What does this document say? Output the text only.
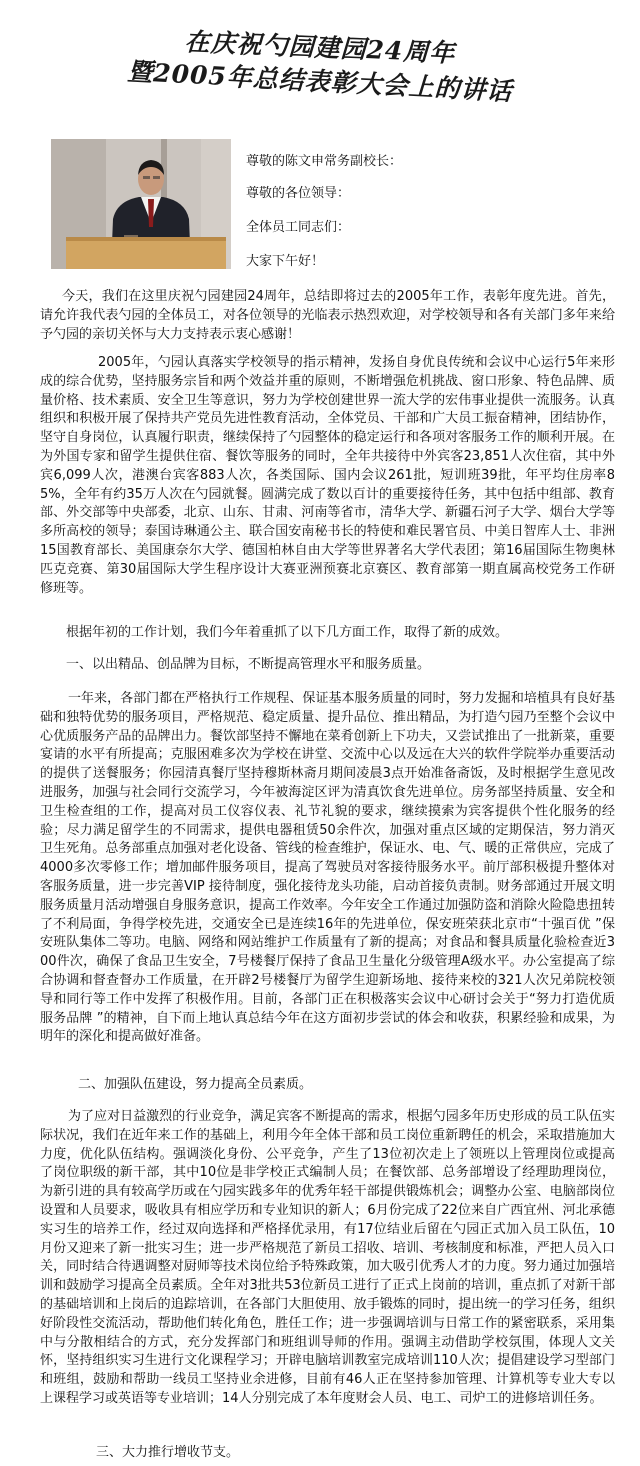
在庆祝勺园建园24周年
暨2005年总结表彰大会上的讲话
尊敬的陈文申常务副校长：
尊敬的各位领导：
全体员工同志们：
大家下午好！

今天，我们在这里庆祝勺园建园24周年，总结即将过去的2005年工作，表彰年度先进。首先，请允许我代表勺园的全体员工，对各位领导的光临表示热烈欢迎，对学校领导和各有关部门多年来给予勺园的亲切关怀与大力支持表示衷心感谢！

2005年，勺园认真落实学校领导的指示精神，发扬自身优良传统和会议中心运行5年来形成的综合优势，坚持服务宗旨和两个效益并重的原则，不断增强危机挑战、窗口形象、特色品牌、质量价格、技术素质、安全卫生等意识，努力为学校创建世界一流大学的宏伟事业提供一流服务。认真组织和积极开展了保持共产党员先进性教育活动，全体党员、干部和广大员工振奋精神，团结协作，坚守自身岗位，认真履行职责，继续保持了勺园整体的稳定运行和各项对客服务工作的顺利开展。在为外国专家和留学生提供住宿、餐饮等服务的同时，全年共接待中外宾客23,851人次住宿，其中外宾6,099人次，港澳台宾客883人次，各类国际、国内会议261批，短训班39批，年平均住房率85%，全年有约35万人次在勺园就餐。圆满完成了数以百计的重要接待任务，其中包括中组部、教育部、外交部等中央部委，北京、山东、甘肃、河南等省市，清华大学、新疆石河子大学、烟台大学等多所高校的领导；泰国诗琳通公主、联合国安南秘书长的特使和难民署官员、中美日智库人士、非洲15国教育部长、美国康奈尔大学、德国柏林自由大学等世界著名大学代表团；第16届国际生物奥林匹克竞赛、第30届国际大学生程序设计大赛亚洲预赛北京赛区、教育部第一期直属高校党务工作研修班等。

根据年初的工作计划，我们今年着重抓了以下几方面工作，取得了新的成效。

一、以出精品、创品牌为目标，不断提高管理水平和服务质量。

一年来，各部门都在严格执行工作规程、保证基本服务质量的同时，努力发掘和培植具有良好基础和独特优势的服务项目，严格规范、稳定质量、提升品位、推出精品，为打造勺园乃至整个会议中心优质服务产品的品牌出力。餐饮部坚持不懈地在菜肴创新上下功夫，又尝试推出了一批新菜，重要宴请的水平有所提高；克服困难多次为学校在讲堂、交流中心以及远在大兴的软件学院举办重要活动的提供了送餐服务；你园清真餐厅坚持穆斯林斋月期间凌晨3点开始准备斋饭，及时根据学生意见改进服务，加强与社会同行交流学习，今年被海淀区评为清真饮食先进单位。房务部坚持质量、安全和卫生检查组的工作，提高对员工仪容仪表、礼节礼貌的要求，继续摸索为宾客提供个性化服务的经验；尽力满足留学生的不同需求，提供电器租赁50余件次，加强对重点区域的定期保洁，努力消灭卫生死角。总务部重点加强对老化设备、管线的检查维护，保证水、电、气、暖的正常供应，完成了4000多次零修工作；增加邮件服务项目，提高了驾驶员对客接待服务水平。前厅部积极提升整体对客服务质量，进一步完善VIP 接待制度，强化接待龙头功能，启动首接负责制。财务部通过开展文明服务质量月活动增强自身服务意识，提高工作效率。今年安全工作通过加强防盗和消除火险隐患扭转了不利局面，争得学校先进，交通安全已是连续16年的先进单位，保安班荣获北京市“十强百优 ”保安班队集体二等功。电脑、网络和网站维护工作质量有了新的提高；对食品和餐具质量化验检查近300件次，确保了食品卫生安全，7号楼餐厅保持了食品卫生量化分级管理A级水平。办公室提高了综合协调和督查督办工作质量，在开辟2号楼餐厅为留学生迎新场地、接待来校的321人次兄弟院校领导和同行等工作中发挥了积极作用。目前，各部门正在积极落实会议中心研讨会关于“努力打造优质服务品牌 ”的精神，自下而上地认真总结今年在这方面初步尝试的体会和收获，积累经验和成果，为明年的深化和提高做好准备。

二、加强队伍建设，努力提高全员素质。

为了应对日益激烈的行业竞争，满足宾客不断提高的需求，根据勺园多年历史形成的员工队伍实际状况，我们在近年来工作的基础上，利用今年全体干部和员工岗位重新聘任的机会，采取措施加大力度，优化队伍结构。强调淡化身份、公平竞争，产生了13位初次走上了领班以上管理岗位或提高了岗位职级的新干部，其中10位是非学校正式编制人员；在餐饮部、总务部增设了经理助理岗位，为新引进的具有较高学历或在勺园实践多年的优秀年轻干部提供锻炼机会；调整办公室、电脑部岗位设置和人员要求，吸收具有相应学历和专业知识的新人；6月份完成了22位来自广西宜州、河北承德实习生的培养工作，经过双向选择和严格择优录用，有17位结业后留在勺园正式加入员工队伍，10月份又迎来了新一批实习生；进一步严格规范了新员工招收、培训、考核制度和标准，严把人员入口关，同时结合待遇调整对厨师等技术岗位给予特殊政策，加大吸引优秀人才的力度。努力通过加强培训和鼓励学习提高全员素质。全年对3批共53位新员工进行了正式上岗前的培训，重点抓了对新干部的基础培训和上岗后的追踪培训，在各部门大胆使用、放手锻炼的同时，提出统一的学习任务，组织好阶段性交流活动，帮助他们转化角色，胜任工作；进一步强调培训与日常工作的紧密联系，采用集中与分散相结合的方式，充分发挥部门和班组训导师的作用。强调主动借助学校氛围，体现人文关怀，坚持组织实习生进行文化课程学习；开辟电脑培训教室完成培训110人次；提倡建设学习型部门和班组，鼓励和帮助一线员工坚持业余进修，目前有46人正在坚持参加管理、计算机等专业大专以上课程学习或英语等专业培训；14人分别完成了本年度财会人员、电工、司炉工的进修培训任务。

三、大力推行增收节支。
